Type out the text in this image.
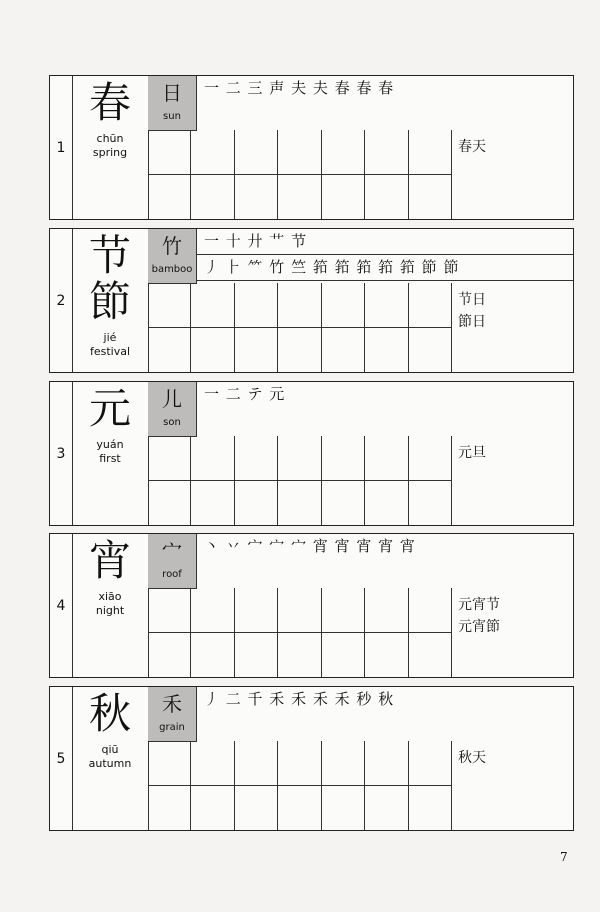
1
春
chūn
spring
日
sun
一 二 三 声 夫 夫 春 春 春
春天
2
节
節
jié
festival
竹
bamboo
一 十 廾 艹 节
丿 ⺊ ⺮ 竹 竺 筘 筘 筘 筘 筘 節 節
节日
節日
3
元
yuán
first
儿
son
一 二 テ 元
元旦
4
宵
xiāo
night
宀
roof
丶 丷 宀 宀 宀 宵 宵 宵 宵 宵
元宵节
元宵節
5
秋
qiū
autumn
禾
grain
丿 二 千 禾 禾 禾 禾 秒 秋
秋天
7
